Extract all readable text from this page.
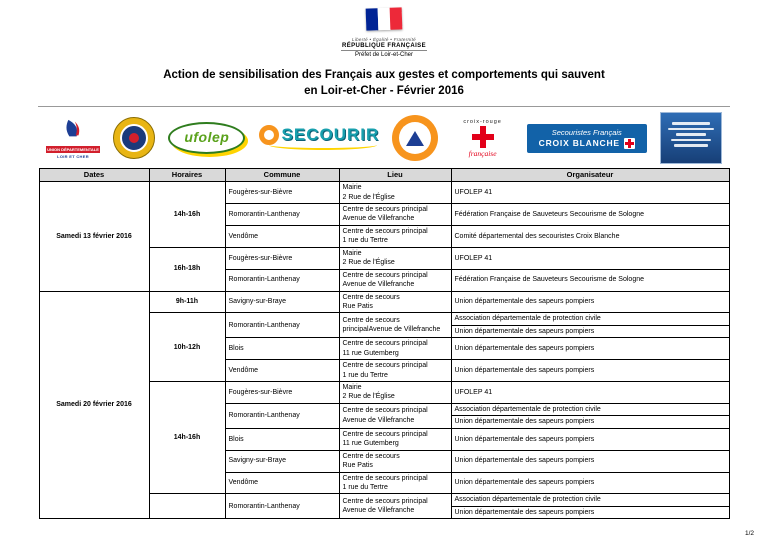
Liberté • Égalité • Fraternité
RÉPUBLIQUE FRANÇAISE
Préfet de Loir-et-Cher
Action de sensibilisation des Français aux gestes et comportements qui sauvent
en Loir-et-Cher - Février 2016
UNION DÉPARTEMENTALE
LOIR ET CHER
ufolep	SECOURIR
croix-rouge
française
Secouristes Français
CROIX BLANCHE
Dates	Horaires	Commune	Lieu	Organisateur
Samedi 13 février 2016	14h-16h	Fougères-sur-Bièvre	Mairie
2 Rue de l'Église	UFOLEP 41
		Romorantin-Lanthenay	Centre de secours principal
Avenue de Villefranche	Fédération Française de Sauveteurs Secourisme de Sologne
		Vendôme	Centre de secours principal
1 rue du Tertre	Comité départemental des secouristes Croix Blanche
	16h-18h	Fougères-sur-Bièvre	Mairie
2 Rue de l'Église	UFOLEP 41
		Romorantin-Lanthenay	Centre de secours principal
Avenue de Villefranche	Fédération Française de Sauveteurs Secourisme de Sologne
Samedi 20 février 2016	9h-11h	Savigny-sur-Braye	Centre de secours
Rue Patis	Union départementale des sapeurs pompiers
	10h-12h	Romorantin-Lanthenay	Centre de secours
principalAvenue de Villefranche	Association départementale de protection civile
				Union départementale des sapeurs pompiers
		Blois	Centre de secours principal
11 rue Gutemberg	Union départementale des sapeurs pompiers
		Vendôme	Centre de secours principal
1 rue du Tertre	Union départementale des sapeurs pompiers
	14h-16h	Fougères-sur-Bièvre	Mairie
2 Rue de l'Église	UFOLEP 41
		Romorantin-Lanthenay	Centre de secours principal
Avenue de Villefranche	Association départementale de protection civile
				Union départementale des sapeurs pompiers
		Blois	Centre de secours principal
11 rue Gutemberg	Union départementale des sapeurs pompiers
		Savigny-sur-Braye	Centre de secours
Rue Patis	Union départementale des sapeurs pompiers
		Vendôme	Centre de secours principal
1 rue du Tertre	Union départementale des sapeurs pompiers
		Romorantin-Lanthenay	Centre de secours principal
Avenue de Villefranche	Association départementale de protection civile
				Union départementale des sapeurs pompiers
1/2
